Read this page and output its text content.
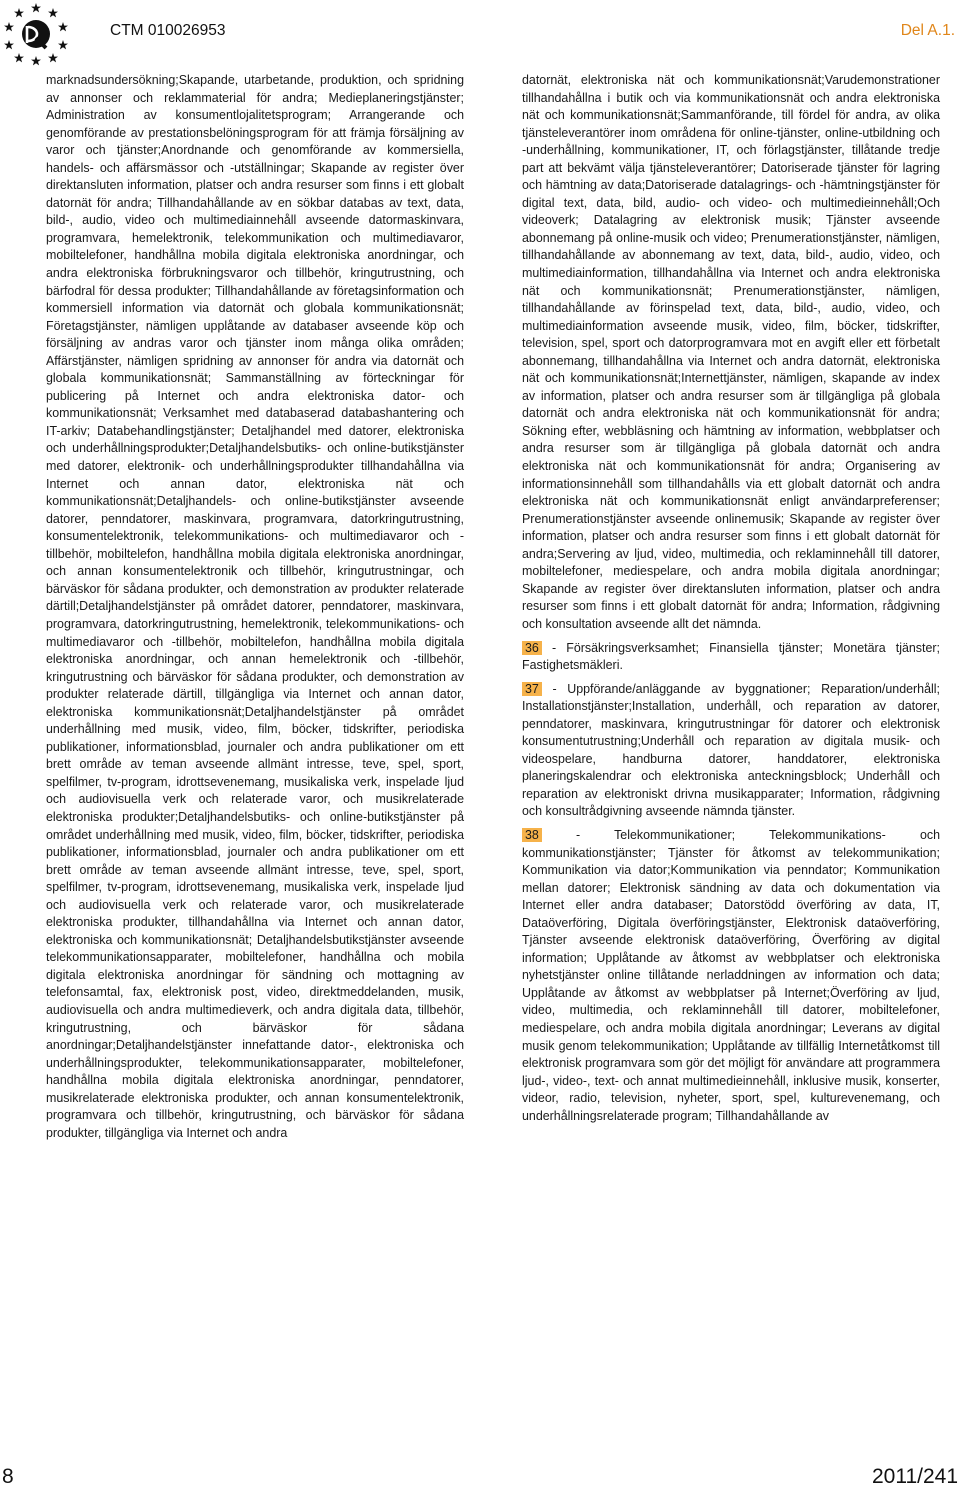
CTM 010026953	Del A.1.

marknadsundersökning;Skapande, utarbetande, produktion, och spridning av annonser och reklammaterial för andra; Medieplaneringstjänster; Administration av konsumentlojalitetsprogram; Arrangerande och genomförande av prestationsbelöningsprogram för att främja försäljning av varor och tjänster;Anordnande och genomförande av kommersiella, handels- och affärsmässor och -utställningar; Skapande av register över direktansluten information, platser och andra resurser som finns i ett globalt datornät för andra; Tillhandahållande av en sökbar databas av text, data, bild-, audio, video och multimediainnehåll avseende datormaskinvara, programvara, hemelektronik, telekommunikation och multimediavaror, mobiltelefoner, handhållna mobila digitala elektroniska anordningar, och andra elektroniska förbrukningsvaror och tillbehör, kringutrustning, och bärfodral för dessa produkter; Tillhandahållande av företagsinformation och kommersiell information via datornät och globala kommunikationsnät; Företagstjänster, nämligen upplåtande av databaser avseende köp och försäljning av andras varor och tjänster inom många olika områden; Affärstjänster, nämligen spridning av annonser för andra via datornät och globala kommunikationsnät; Sammanställning av förteckningar för publicering på Internet och andra elektroniska dator- och kommunikationsnät; Verksamhet med databaserad databashantering och IT-arkiv; Databehandlingstjänster; Detaljhandel med datorer, elektroniska och underhållningsprodukter;Detaljhandelsbutiks- och online-butikstjänster med datorer, elektronik- och underhållningsprodukter tillhandahållna via Internet och annan dator, elektroniska nät och kommunikationsnät;Detaljhandels- och online-butikstjänster avseende datorer, penndatorer, maskinvara, programvara, datorkringutrustning, konsumentelektronik, telekommunikations- och multimediavaror och -tillbehör, mobiltelefon, handhållna mobila digitala elektroniska anordningar, och annan konsumentelektronik och tillbehör, kringutrustningar, och bärväskor för sådana produkter, och demonstration av produkter relaterade därtill;Detaljhandelstjänster på området datorer, penndatorer, maskinvara, programvara, datorkringutrustning, hemelektronik, telekommunikations- och multimediavaror och -tillbehör, mobiltelefon, handhållna mobila digitala elektroniska anordningar, och annan hemelektronik och -tillbehör, kringutrustning och bärväskor för sådana produkter, och demonstration av produkter relaterade därtill, tillgängliga via Internet och annan dator, elektroniska kommunikationsnät;Detaljhandelstjänster på området underhållning med musik, video, film, böcker, tidskrifter, periodiska publikationer, informationsblad, journaler och andra publikationer om ett brett område av teman avseende allmänt intresse, teve, spel, sport, spelfilmer, tv-program, idrottsevenemang, musikaliska verk, inspelade ljud och audiovisuella verk och relaterade varor, och musikrelaterade elektroniska produkter;Detaljhandelsbutiks- och online-butikstjänster på området underhållning med musik, video, film, böcker, tidskrifter, periodiska publikationer, informationsblad, journaler och andra publikationer om ett brett område av teman avseende allmänt intresse, teve, spel, sport, spelfilmer, tv-program, idrottsevenemang, musikaliska verk, inspelade ljud och audiovisuella verk och relaterade varor, och musikrelaterade elektroniska produkter, tillhandahållna via Internet och annan dator, elektroniska och kommunikationsnät; Detaljhandelsbutikstjänster avseende telekommunikationsapparater, mobiltelefoner, handhållna och mobila digitala elektroniska anordningar för sändning och mottagning av telefonsamtal, fax, elektronisk post, video, direktmeddelanden, musik, audiovisuella och andra multimedieverk, och andra digitala data, tillbehör, kringutrustning, och bärväskor för sådana anordningar;Detaljhandelstjänster innefattande dator-, elektroniska och underhållningsprodukter, telekommunikationsapparater, mobiltelefoner, handhållna mobila digitala elektroniska anordningar, penndatorer, musikrelaterade elektroniska produkter, och annan konsumentelektronik, programvara och tillbehör, kringutrustning, och bärväskor för sådana produkter, tillgängliga via Internet och andra

datornät, elektroniska nät och kommunikationsnät;Varudemonstrationer tillhandahållna i butik och via kommunikationsnät och andra elektroniska nät och kommunikationsnät;Sammanförande, till fördel för andra, av olika tjänsteleverantörer inom områdena för online-tjänster, online-utbildning och -underhållning, kommunikationer, IT, och förlagstjänster, tillåtande tredje part att bekvämt välja tjänsteleverantörer; Datoriserade tjänster för lagring och hämtning av data;Datoriserade datalagrings- och -hämtningstjänster för digital text, data, bild, audio- och video- och multimedieinnehåll;Och videoverk; Datalagring av elektronisk musik; Tjänster avseende abonnemang på online-musik och video; Prenumerationstjänster, nämligen, tillhandahållande av abonnemang av text, data, bild-, audio, video, och multimediainformation, tillhandahållna via Internet och andra elektroniska nät och kommunikationsnät; Prenumerationstjänster, nämligen, tillhandahållande av förinspelad text, data, bild-, audio, video, och multimediainformation avseende musik, video, film, böcker, tidskrifter, television, spel, sport och datorprogramvara mot en avgift eller ett förbetalt abonnemang, tillhandahållna via Internet och andra datornät, elektroniska nät och kommunikationsnät;Internettjänster, nämligen, skapande av index av information, platser och andra resurser som är tillgängliga på globala datornät och andra elektroniska nät och kommunikationsnät för andra; Sökning efter, webbläsning och hämtning av information, webbplatser och andra resurser som är tillgängliga på globala datornät och andra elektroniska nät och kommunikationsnät för andra; Organisering av informationsinnehåll som tillhandahålls via ett globalt datornät och andra elektroniska nät och kommunikationsnät enligt användarpreferenser; Prenumerationstjänster avseende onlinemusik; Skapande av register över information, platser och andra resurser som finns i ett globalt datornät för andra;Servering av ljud, video, multimedia, och reklaminnehåll till datorer, mobiltelefoner, mediespelare, och andra mobila digitala anordningar; Skapande av register över direktansluten information, platser och andra resurser som finns i ett globalt datornät för andra; Information, rådgivning och konsultation avseende allt det nämnda.

36 - Försäkringsverksamhet; Finansiella tjänster; Monetära tjänster; Fastighetsmäkleri.

37 - Uppförande/anläggande av byggnationer; Reparation/underhåll; Installationstjänster;Installation, underhåll, och reparation av datorer, penndatorer, maskinvara, kringutrustningar för datorer och elektronisk konsumentutrustning;Underhåll och reparation av digitala musik- och videospelare, handburna datorer, handdatorer, elektroniska planeringskalendrar och elektroniska anteckningsblock; Underhåll och reparation av elektroniskt drivna musikapparater; Information, rådgivning och konsultrådgivning avseende nämnda tjänster.

38 - Telekommunikationer; Telekommunikations- och kommunikationstjänster; Tjänster för åtkomst av telekommunikation; Kommunikation via dator;Kommunikation via penndator; Kommunikation mellan datorer; Elektronisk sändning av data och dokumentation via Internet eller andra databaser; Datorstödd överföring av data, IT, Dataöverföring, Digitala överföringstjänster, Elektronisk dataöverföring, Tjänster avseende elektronisk dataöverföring, Överföring av digital information; Upplåtande av åtkomst av webbplatser och elektroniska nyhetstjänster online tillåtande nerladdningen av information och data; Upplåtande av åtkomst av webbplatser på Internet;Överföring av ljud, video, multimedia, och reklaminnehåll till datorer, mobiltelefoner, mediespelare, och andra mobila digitala anordningar; Leverans av digital musik genom telekommunikation; Upplåtande av tillfällig Internetåtkomst till elektronisk programvara som gör det möjligt för användare att programmera ljud-, video-, text- och annat multimedieinnehåll, inklusive musik, konserter, videor, radio, television, nyheter, sport, spel, kulturevenemang, och underhållningsrelaterade program; Tillhandahållande av

8	2011/241
